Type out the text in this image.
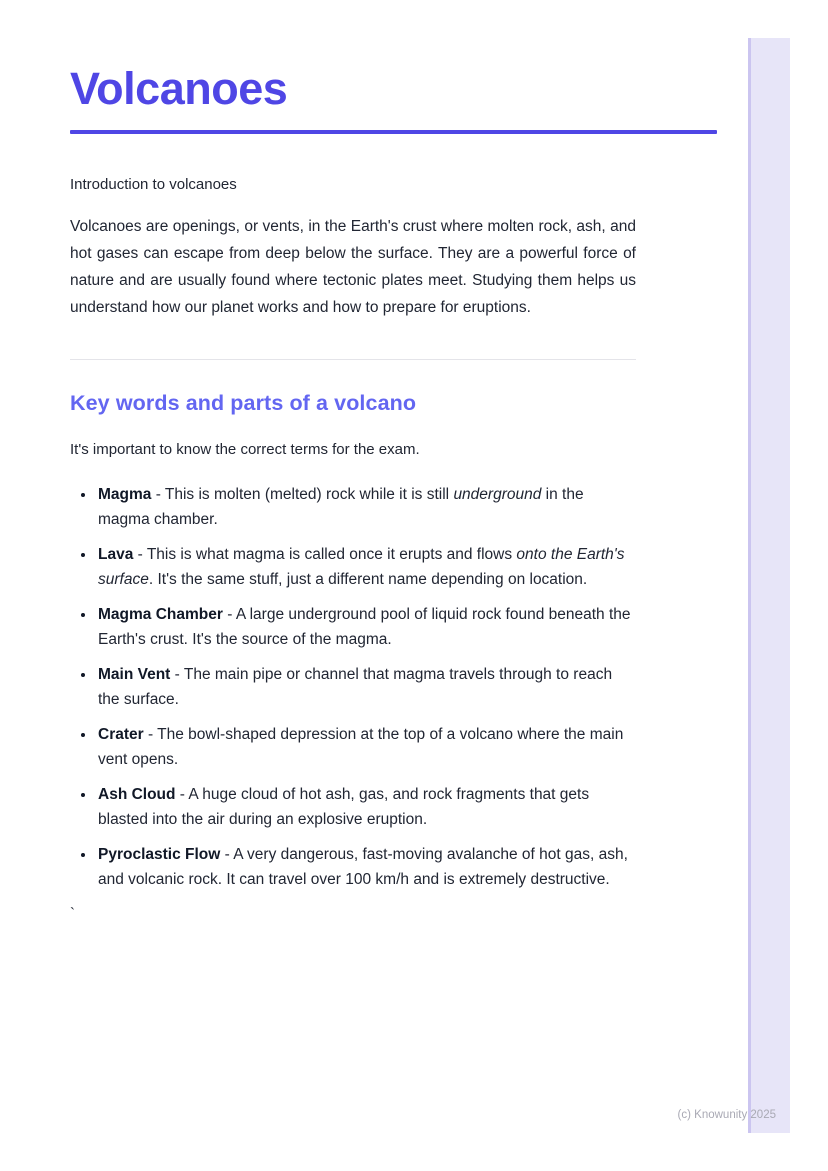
Volcanoes

Introduction to volcanoes

Volcanoes are openings, or vents, in the Earth's crust where molten rock, ash, and hot gases can escape from deep below the surface. They are a powerful force of nature and are usually found where tectonic plates meet. Studying them helps us understand how our planet works and how to prepare for eruptions.

Key words and parts of a volcano

It's important to know the correct terms for the exam.

• Magma - This is molten (melted) rock while it is still underground in the magma chamber.
• Lava - This is what magma is called once it erupts and flows onto the Earth's surface. It's the same stuff, just a different name depending on location.
• Magma Chamber - A large underground pool of liquid rock found beneath the Earth's crust. It's the source of the magma.
• Main Vent - The main pipe or channel that magma travels through to reach the surface.
• Crater - The bowl-shaped depression at the top of a volcano where the main vent opens.
• Ash Cloud - A huge cloud of hot ash, gas, and rock fragments that gets blasted into the air during an explosive eruption.
• Pyroclastic Flow - A very dangerous, fast-moving avalanche of hot gas, ash, and volcanic rock. It can travel over 100 km/h and is extremely destructive.

`

(c) Knowunity 2025
